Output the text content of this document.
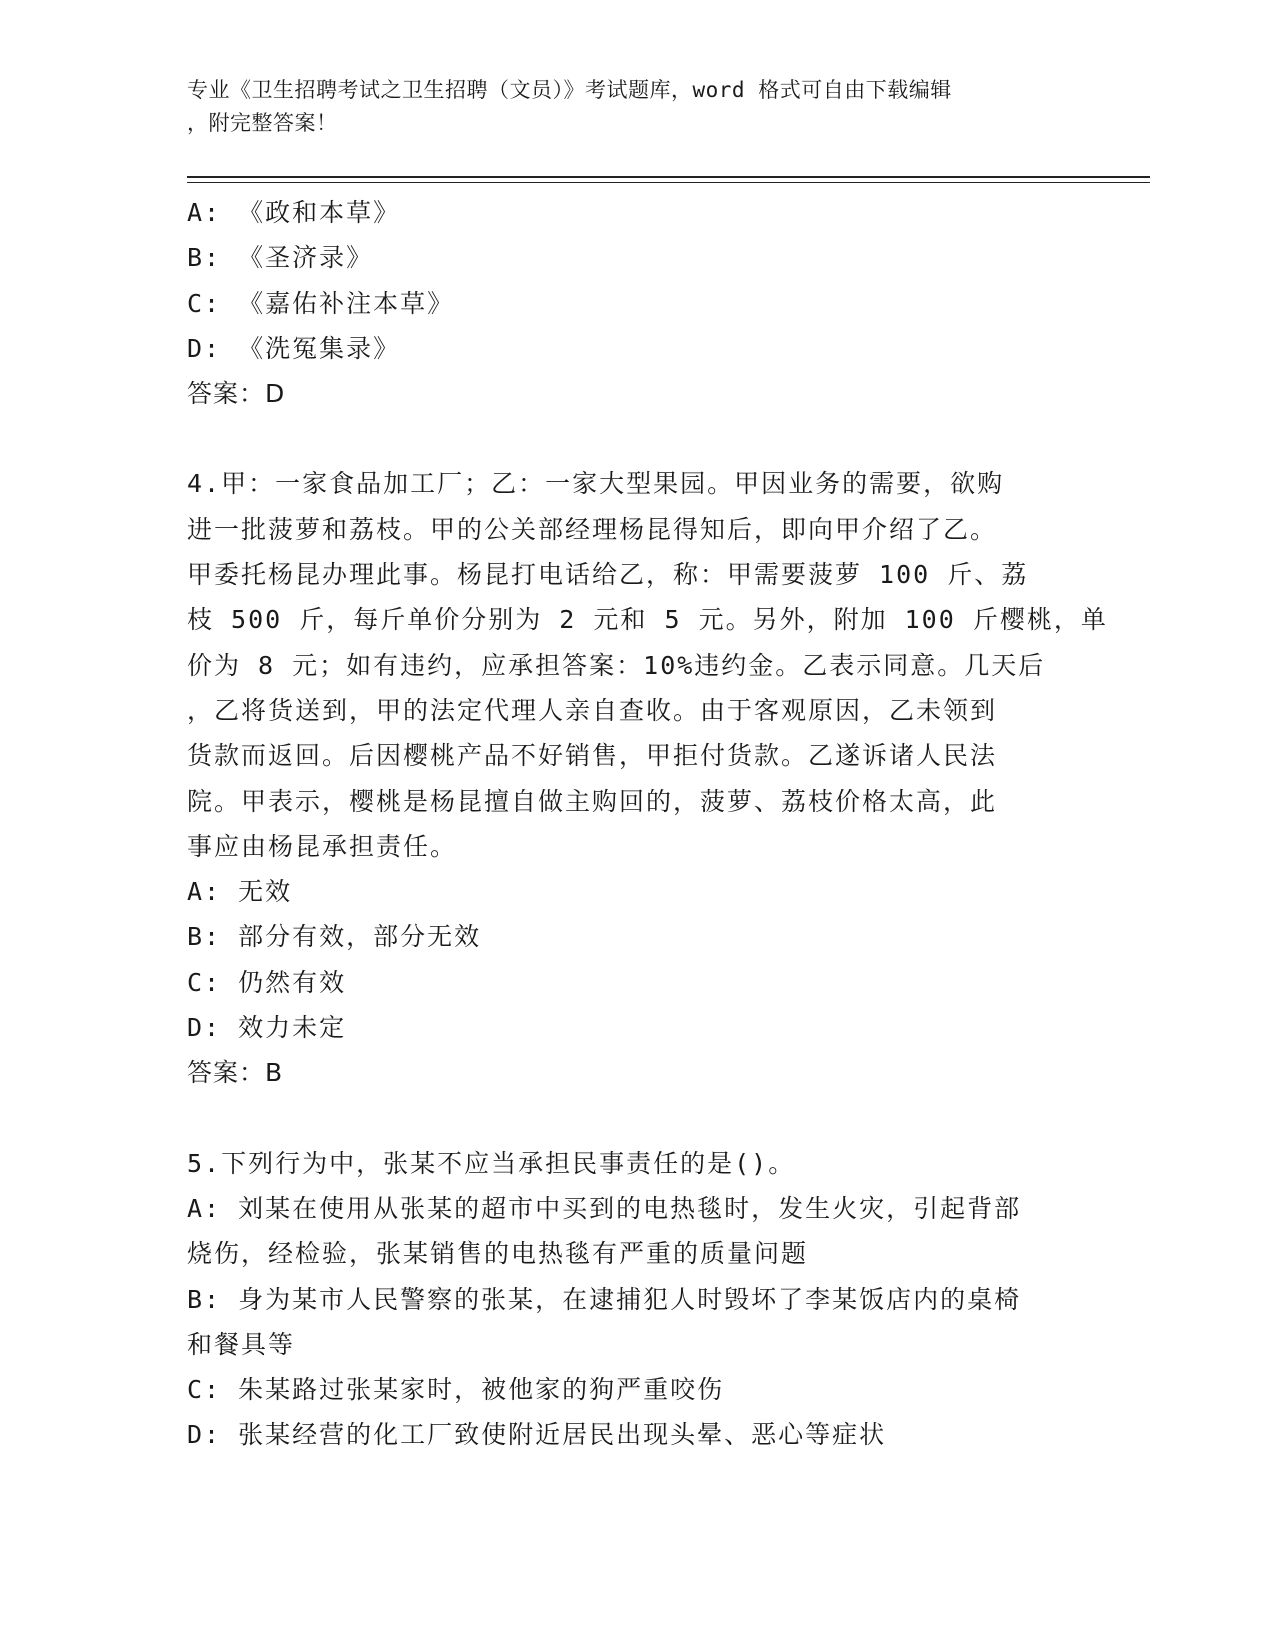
专业《卫生招聘考试之卫生招聘（文员）》考试题库，word 格式可自由下载编辑
，附完整答案！
A: 《政和本草》
B: 《圣济录》
C: 《嘉佑补注本草》
D: 《洗冤集录》
答案：D
4.甲：一家食品加工厂；乙：一家大型果园。甲因业务的需要，欲购
进一批菠萝和荔枝。甲的公关部经理杨昆得知后，即向甲介绍了乙。
甲委托杨昆办理此事。杨昆打电话给乙，称：甲需要菠萝 100 斤、荔
枝 500 斤，每斤单价分别为 2 元和 5 元。另外，附加 100 斤樱桃，单
价为 8 元；如有违约，应承担答案：10%违约金。乙表示同意。几天后
，乙将货送到，甲的法定代理人亲自查收。由于客观原因，乙未领到
货款而返回。后因樱桃产品不好销售，甲拒付货款。乙遂诉诸人民法
院。甲表示，樱桃是杨昆擅自做主购回的，菠萝、荔枝价格太高，此
事应由杨昆承担责任。
A: 无效
B: 部分有效，部分无效
C: 仍然有效
D: 效力未定
答案：B
5.下列行为中，张某不应当承担民事责任的是()。
A: 刘某在使用从张某的超市中买到的电热毯时，发生火灾，引起背部
烧伤，经检验，张某销售的电热毯有严重的质量问题
B: 身为某市人民警察的张某，在逮捕犯人时毁坏了李某饭店内的桌椅
和餐具等
C: 朱某路过张某家时，被他家的狗严重咬伤
D: 张某经营的化工厂致使附近居民出现头晕、恶心等症状
